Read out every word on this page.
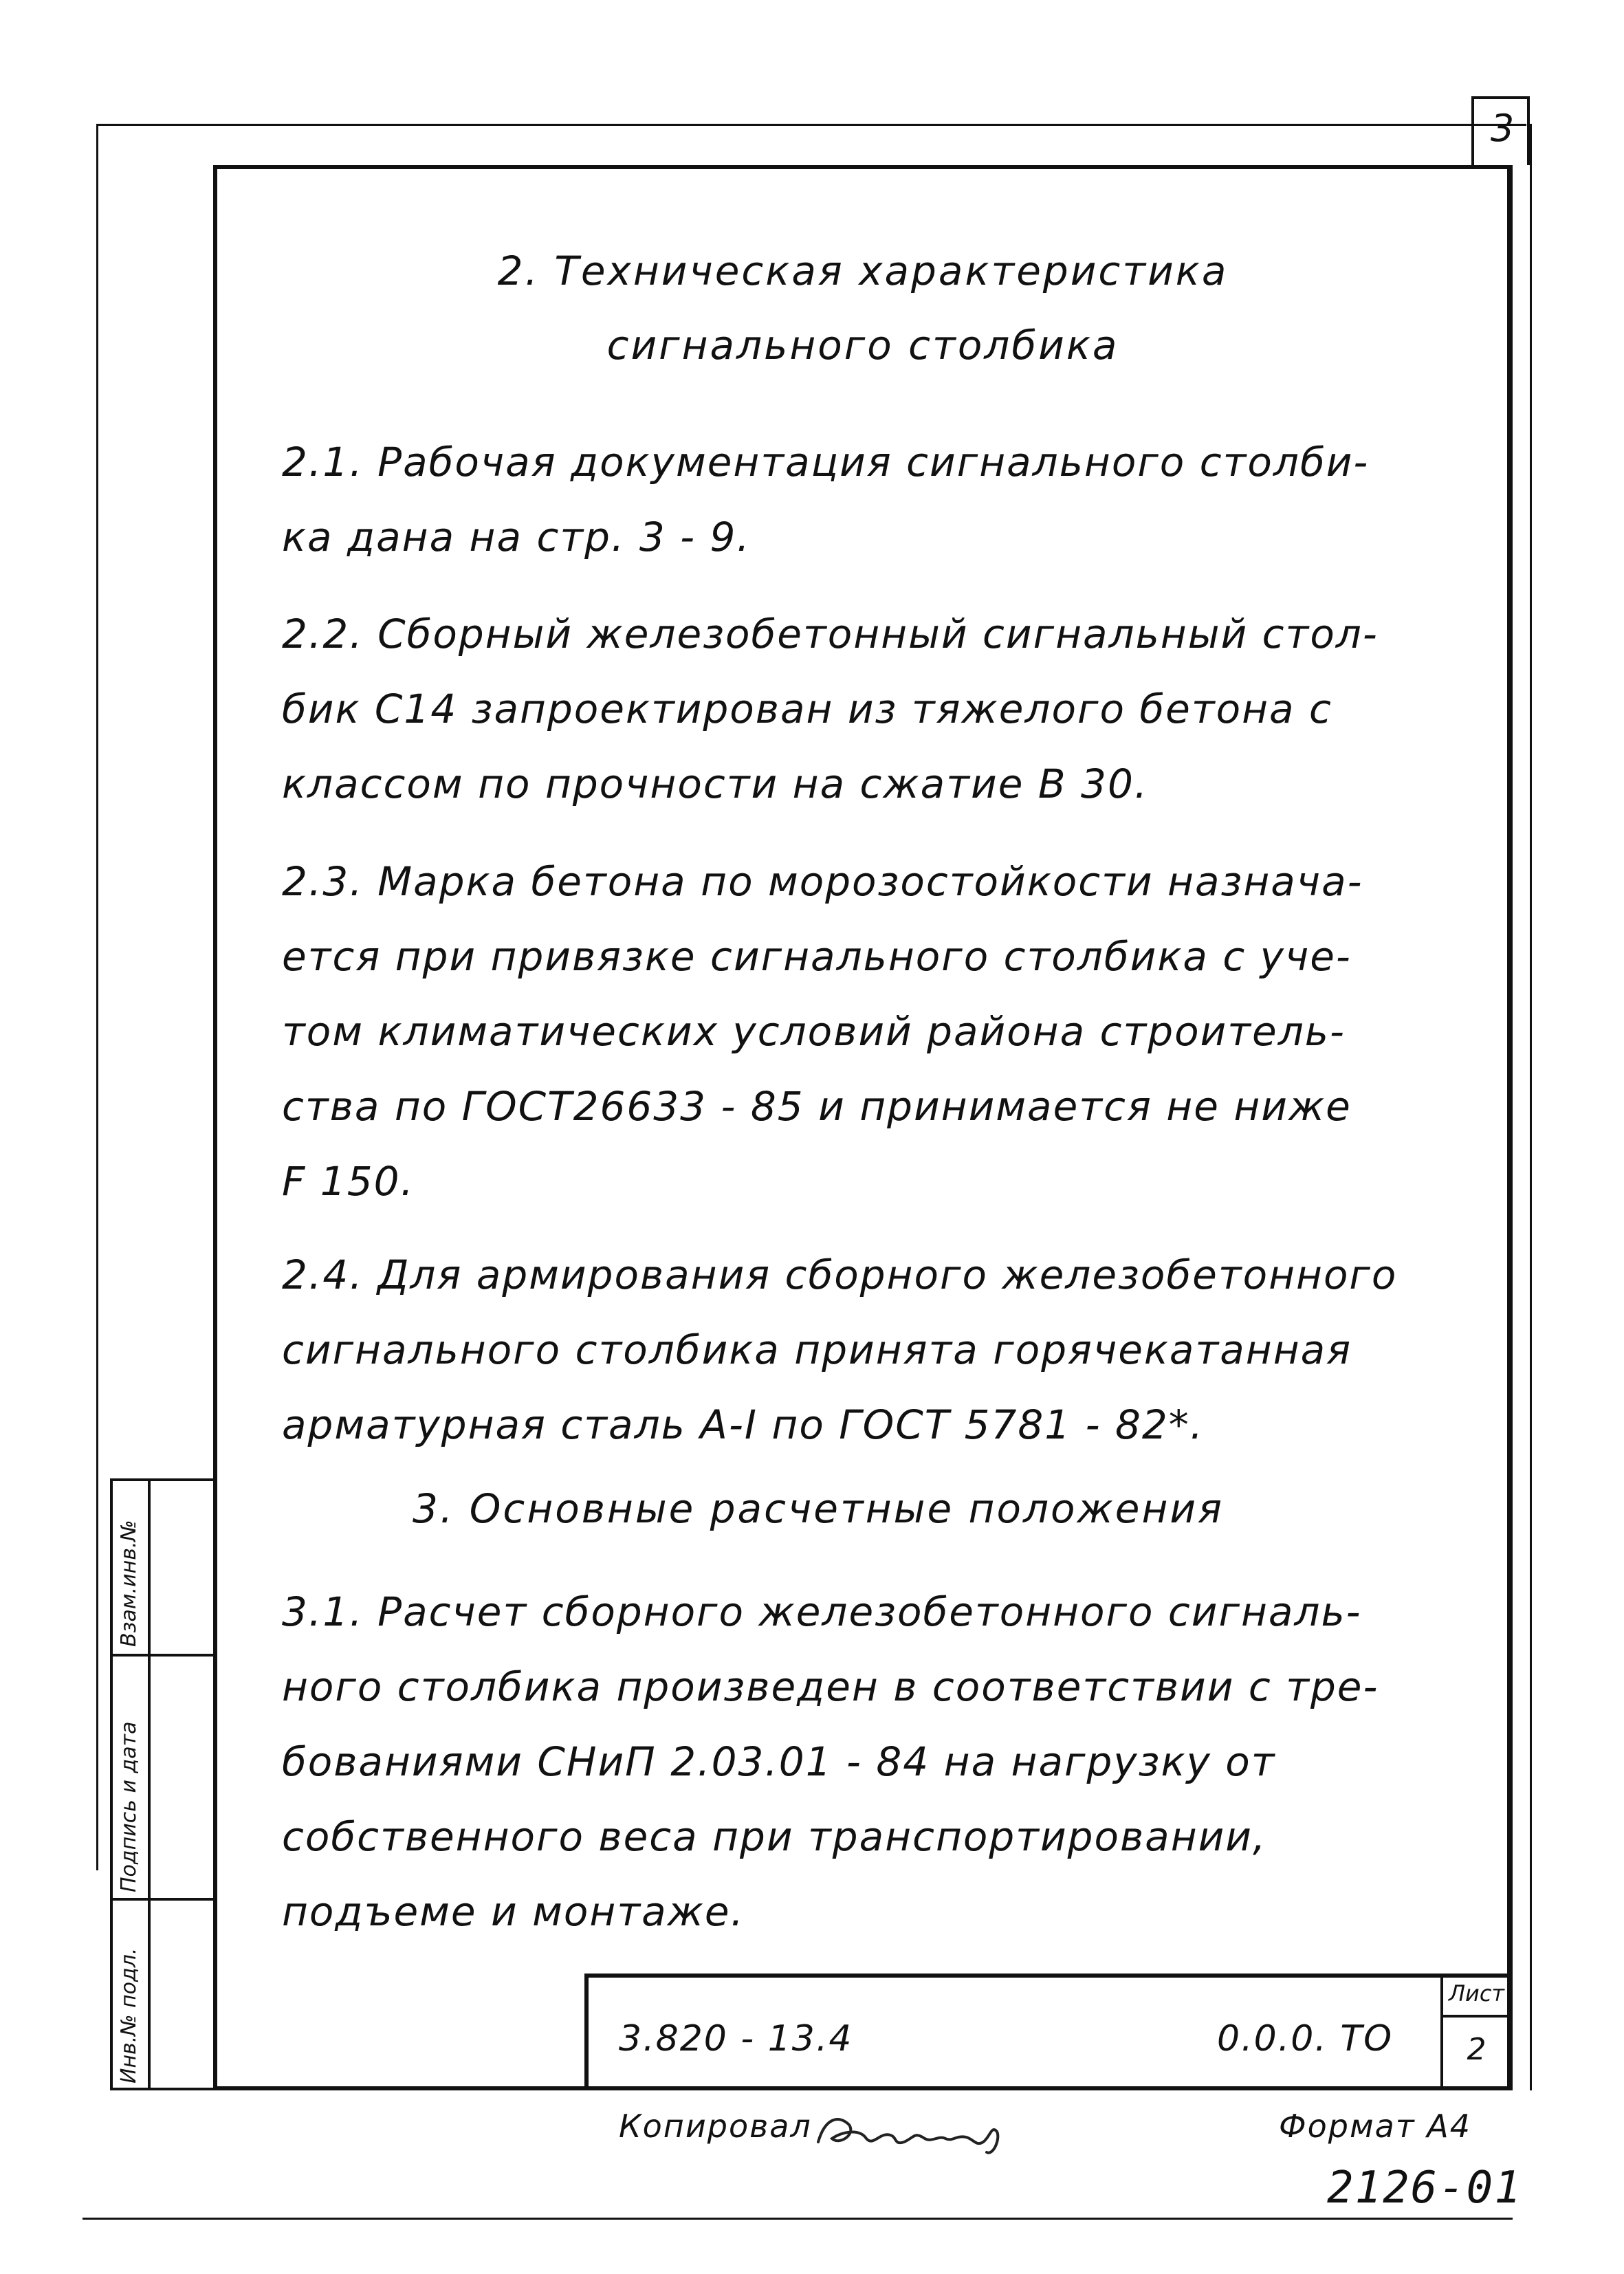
3
2. Техническая характеристика
сигнального столбика

2.1. Рабочая документация сигнального столби-

ка дана на стр. 3 - 9.

2.2. Сборный железобетонный сигнальный стол-

бик С14 запроектирован из тяжелого бетона с

классом по прочности на сжатие В 30.

2.3. Марка бетона по морозостойкости назнача-

ется при привязке сигнального столбика с уче-

том климатических условий района строитель-

ства по ГОСТ26633 - 85 и принимается не ниже

F 150.

2.4. Для армирования сборного железобетонного

сигнального столбика принята горячекатанная

арматурная сталь А-I по ГОСТ 5781 - 82*.

3. Основные расчетные положения

3.1. Расчет сборного железобетонного сигналь-

ного столбика произведен в соответствии с тре-

бованиями СНиП 2.03.01 - 84 на нагрузку от

собственного веса при транспортировании,

подъеме и монтаже.

Взам.инв.№
Подпись и дата
Инв.№ подл.	3.820 - 13.4	0.0.0. ТО
Лист
2
Копировал	Формат А4
2126-01
